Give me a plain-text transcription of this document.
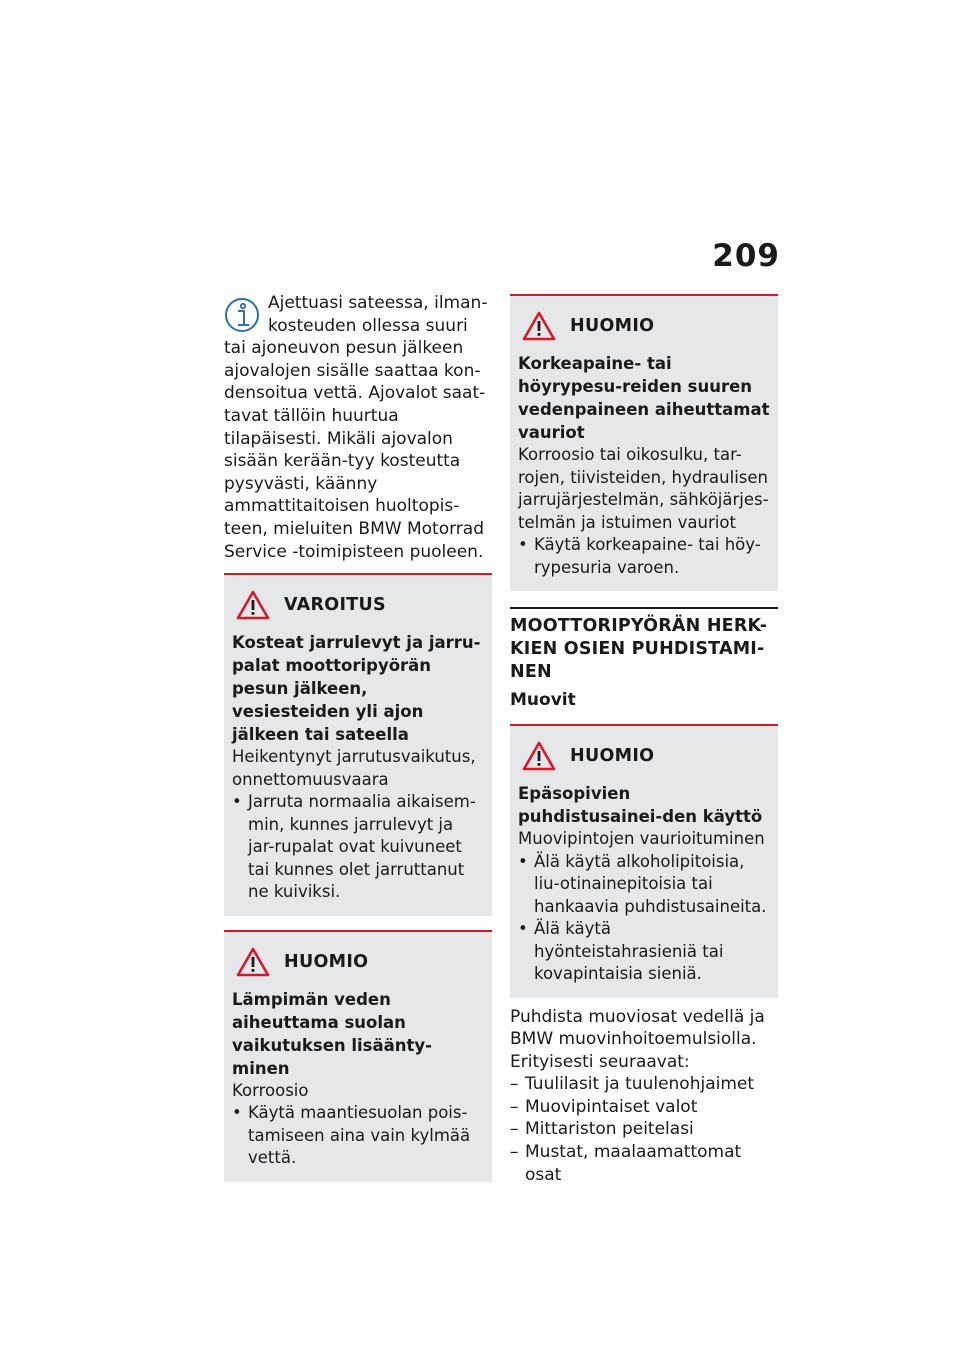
209

Ajettuasi sateessa, ilman-
kosteuden ollessa suuri
tai ajoneuvon pesun jälkeen ajovalojen sisälle saattaa kon-densoitua vettä. Ajovalot saat-tavat tällöin huurtua tilapäisesti. Mikäli ajovalon sisään kerään-tyy kosteutta pysyvästi, käänny ammattitaitoisen huoltopis-teen, mieluiten BMW Motorrad Service -toimipisteen puoleen.

VAROITUS

Kosteat jarrulevyt ja jarru-palat moottoripyörän pesun jälkeen, vesiesteiden yli ajon jälkeen tai sateella

Heikentynyt jarrutusvaikutus, onnettomuusvaara

• Jarruta normaalia aikaisem-min, kunnes jarrulevyt ja jar-rupalat ovat kuivuneet tai kunnes olet jarruttanut ne kuiviksi.
HUOMIO

Lämpimän veden aiheuttama suolan vaikutuksen lisäänty-minen

Korroosio

• Käytä maantiesuolan pois-tamiseen aina vain kylmää vettä.
HUOMIO

Korkeapaine- tai höyrypesu-reiden suuren vedenpaineen aiheuttamat vauriot

Korroosio tai oikosulku, tar-rojen, tiivisteiden, hydraulisen jarrujärjestelmän, sähköjärjes-telmän ja istuimen vauriot

• Käytä korkeapaine- tai höy-rypesuria varoen.
MOOTTORIPYÖRÄN HERK-KIEN OSIEN PUHDISTAMI-NEN

Muovit

HUOMIO

Epäsopivien puhdistusainei-den käyttö

Muovipintojen vaurioituminen

• Älä käytä alkoholipitoisia, liu-otinainepitoisia tai hankaavia puhdistusaineita.
• Älä käytä hyönteistahrasieniä tai kovapintaisia sieniä.

Puhdista muoviosat vedellä ja BMW muovinhoitoemulsiolla.

Erityisesti seuraavat:

– Tuulilasit ja tuulenohjaimet
– Muovipintaiset valot
– Mittariston peitelasi
– Mustat, maalaamattomat osat
